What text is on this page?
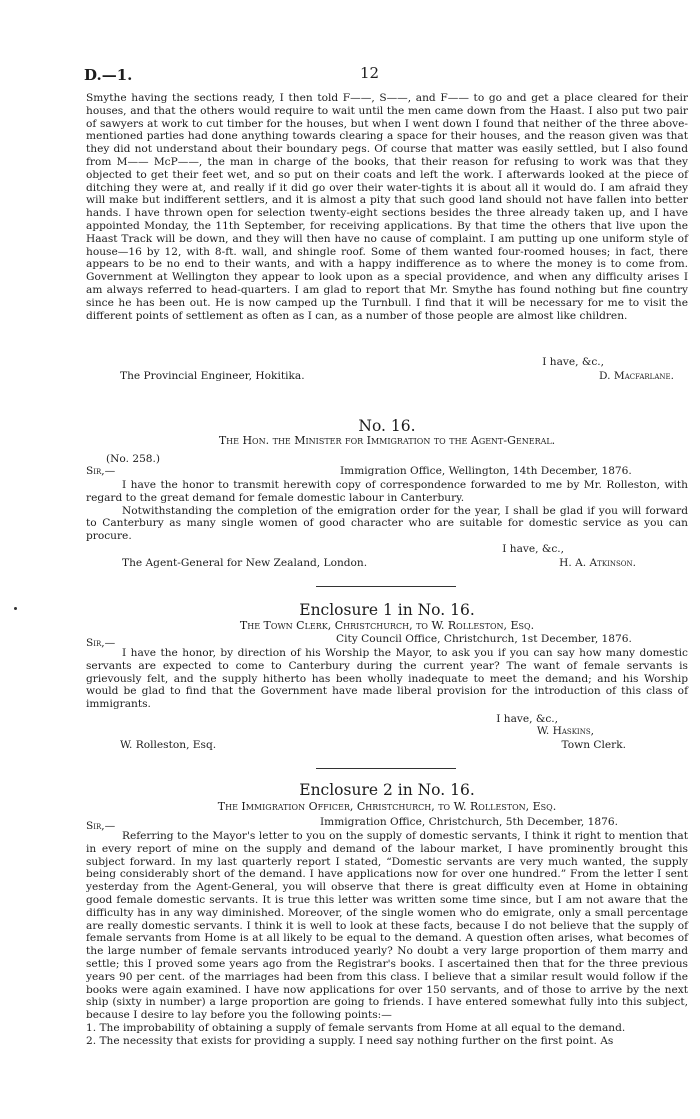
D.—1.	12

Smythe having the sections ready, I then told F——, S——, and F—— to go and get a place cleared for their houses, and that the others would require to wait until the men came down from the Haast. I also put two pair of sawyers at work to cut timber for the houses, but when I went down I found that neither of the three above-mentioned parties had done anything towards clearing a space for their houses, and the reason given was that they did not understand about their boundary pegs. Of course that matter was easily settled, but I also found from M—— McP——, the man in charge of the books, that their reason for refusing to work was that they objected to get their feet wet, and so put on their coats and left the work. I afterwards looked at the piece of ditching they were at, and really if it did go over their water-tights it is about all it would do. I am afraid they will make but indifferent settlers, and it is almost a pity that such good land should not have fallen into better hands. I have thrown open for selection twenty-eight sections besides the three already taken up, and I have appointed Monday, the 11th September, for receiving applications. By that time the others that live upon the Haast Track will be down, and they will then have no cause of complaint. I am putting up one uniform style of house—16 by 12, with 8-ft. wall, and shingle roof. Some of them wanted four-roomed houses; in fact, there appears to be no end to their wants, and with a happy indifference as to where the money is to come from. Government at Wellington they appear to look upon as a special providence, and when any difficulty arises I am always referred to head-quarters. I am glad to report that Mr. Smythe has found nothing but fine country since he has been out. He is now camped up the Turnbull. I find that it will be necessary for me to visit the different points of settlement as often as I can, as a number of those people are almost like children.

I have, &c.,
The Provincial Engineer, Hokitika.	D. Macfarlane.
No. 16.
The Hon. the Minister for Immigration to the Agent-General.
(No. 258.)
Sir,—	Immigration Office, Wellington, 14th December, 1876.

I have the honor to transmit herewith copy of correspondence forwarded to me by Mr. Rolleston, with regard to the great demand for female domestic labour in Canterbury.

Notwithstanding the completion of the emigration order for the year, I shall be glad if you will forward to Canterbury as many single women of good character who are suitable for domestic service as you can procure.

I have, &c.,
The Agent-General for New Zealand, London.	H. A. Atkinson.
Enclosure 1 in No. 16.
The Town Clerk, Christchurch, to W. Rolleston, Esq.
Sir,—	City Council Office, Christchurch, 1st December, 1876.

I have the honor, by direction of his Worship the Mayor, to ask you if you can say how many domestic servants are expected to come to Canterbury during the current year? The want of female servants is grievously felt, and the supply hitherto has been wholly inadequate to meet the demand; and his Worship would be glad to find that the Government have made liberal provision for the introduction of this class of immigrants.

I have, &c.,
W. Haskins,
W. Rolleston, Esq.	Town Clerk.
Enclosure 2 in No. 16.
The Immigration Officer, Christchurch, to W. Rolleston, Esq.
Sir,—	Immigration Office, Christchurch, 5th December, 1876.

Referring to the Mayor's letter to you on the supply of domestic servants, I think it right to mention that in every report of mine on the supply and demand of the labour market, I have prominently brought this subject forward. In my last quarterly report I stated, “Domestic servants are very much wanted, the supply being considerably short of the demand. I have applications now for over one hundred.” From the letter I sent yesterday from the Agent-General, you will observe that there is great difficulty even at Home in obtaining good female domestic servants. It is true this letter was written some time since, but I am not aware that the difficulty has in any way diminished. Moreover, of the single women who do emigrate, only a small percentage are really domestic servants. I think it is well to look at these facts, because I do not believe that the supply of female servants from Home is at all likely to be equal to the demand. A question often arises, what becomes of the large number of female servants introduced yearly? No doubt a very large proportion of them marry and settle; this I proved some years ago from the Registrar's books. I ascertained then that for the three previous years 90 per cent. of the marriages had been from this class. I believe that a similar result would follow if the books were again examined. I have now applications for over 150 servants, and of those to arrive by the next ship (sixty in number) a large proportion are going to friends. I have entered somewhat fully into this subject, because I desire to lay before you the following points:—

1. The improbability of obtaining a supply of female servants from Home at all equal to the demand.

2. The necessity that exists for providing a supply. I need say nothing further on the first point. As
